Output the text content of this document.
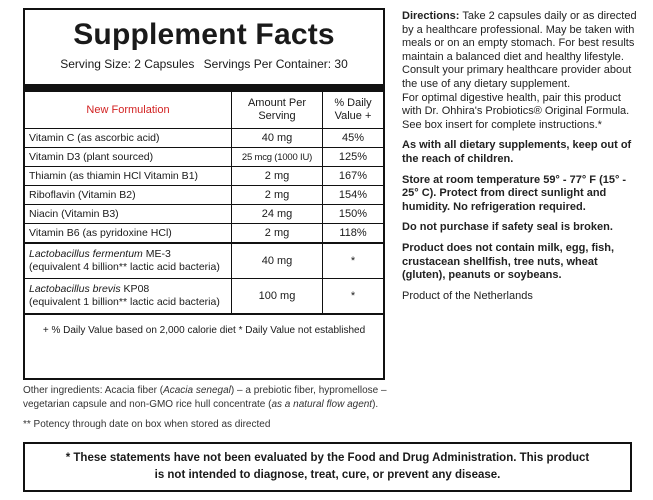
Supplement Facts
Serving Size: 2 Capsules Servings Per Container: 30
New Formulation	Amount Per Serving	% Daily Value +
Vitamin C (as ascorbic acid)	40 mg	45%
Vitamin D3 (plant sourced)	25 mcg (1000 IU)	125%
Thiamin (as thiamin HCl Vitamin B1)	2 mg	167%
Riboflavin (Vitamin B2)	2 mg	154%
Niacin (Vitamin B3)	24 mg	150%
Vitamin B6 (as pyridoxine HCl)	2 mg	118%
Lactobacillus fermentum ME-3
(equivalent 4 billion** lactic acid bacteria)	40 mg	*
Lactobacillus brevis KP08
(equivalent 1 billion** lactic acid bacteria)	100 mg	*
+ % Daily Value based on 2,000 calorie diet * Daily Value not established		
Other ingredients: Acacia fiber (Acacia senegal) – a prebiotic fiber, hypromellose – vegetarian capsule and non-GMO rice hull concentrate (as a natural flow agent).
** Potency through date on box when stored as directed

Directions: Take 2 capsules daily or as directed by a healthcare professional. May be taken with meals or on an empty stomach. For best results maintain a balanced diet and healthy lifestyle. Consult your primary healthcare provider about the use of any dietary supplement.

For optimal digestive health, pair this product with Dr. Ohhira's Probiotics® Original Formula.

See box insert for complete instructions.*

As with all dietary supplements, keep out of the reach of children.

Store at room temperature 59° - 77° F (15° - 25° C). Protect from direct sunlight and humidity. No refrigeration required.

Do not purchase if safety seal is broken.

Product does not contain milk, egg, fish, crustacean shellfish, tree nuts, wheat (gluten), peanuts or soybeans.

Product of the Netherlands

* These statements have not been evaluated by the Food and Drug Administration. This product
is not intended to diagnose, treat, cure, or prevent any disease.
